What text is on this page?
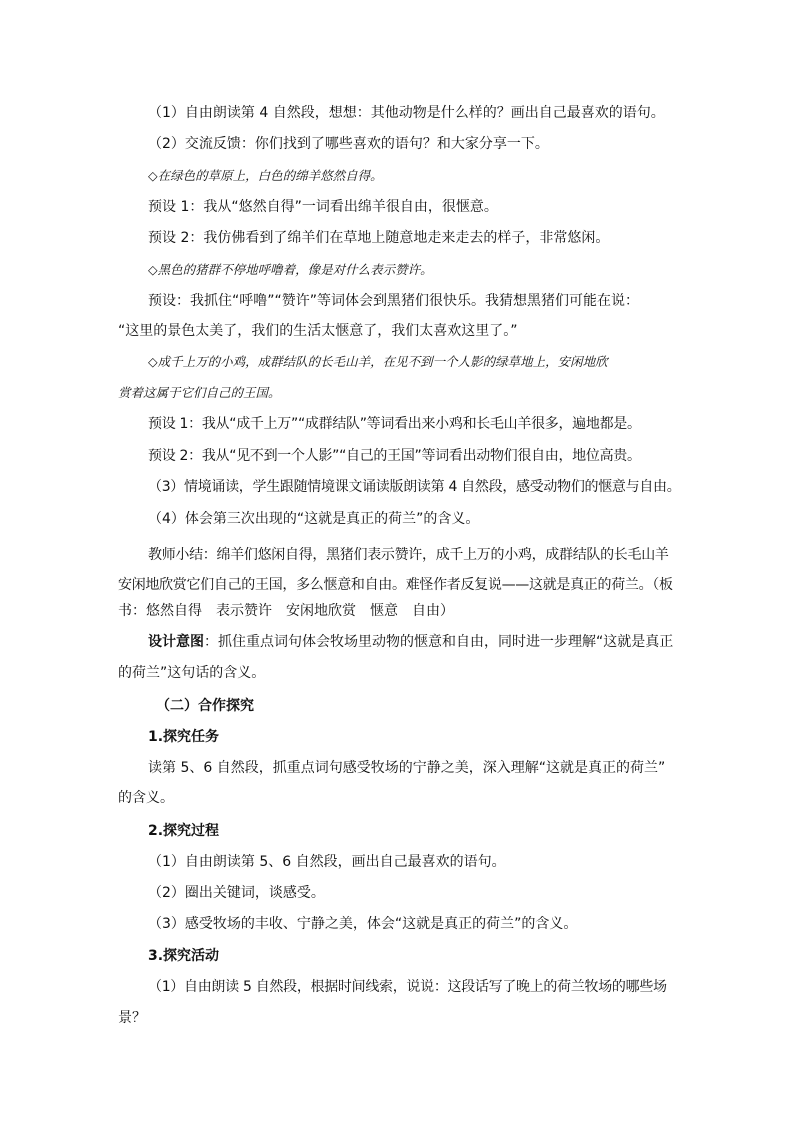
（1）自由朗读第 4 自然段，想想：其他动物是什么样的？画出自己最喜欢的语句。
（2）交流反馈：你们找到了哪些喜欢的语句？和大家分享一下。
◇在绿色的草原上，白色的绵羊悠然自得。
预设 1：我从“悠然自得”一词看出绵羊很自由，很惬意。
预设 2：我仿佛看到了绵羊们在草地上随意地走来走去的样子，非常悠闲。
◇黑色的猪群不停地呼噜着，像是对什么表示赞许。
预设：我抓住“呼噜”“赞许”等词体会到黑猪们很快乐。我猜想黑猪们可能在说：
“这里的景色太美了，我们的生活太惬意了，我们太喜欢这里了。”
◇成千上万的小鸡，成群结队的长毛山羊，在见不到一个人影的绿草地上，安闲地欣
赏着这属于它们自己的王国。
预设 1：我从“成千上万”“成群结队”等词看出来小鸡和长毛山羊很多，遍地都是。
预设 2：我从“见不到一个人影”“自己的王国”等词看出动物们很自由，地位高贵。
（3）情境诵读，学生跟随情境课文诵读版朗读第 4 自然段，感受动物们的惬意与自由。
（4）体会第三次出现的“这就是真正的荷兰”的含义。
教师小结：绵羊们悠闲自得，黑猪们表示赞许，成千上万的小鸡，成群结队的长毛山羊
安闲地欣赏它们自己的王国，多么惬意和自由。难怪作者反复说——这就是真正的荷兰。（板
书：悠然自得　表示赞许　安闲地欣赏　惬意　自由）
设计意图：抓住重点词句体会牧场里动物的惬意和自由，同时进一步理解“这就是真正
的荷兰”这句话的含义。
（二）合作探究
1.探究任务
读第 5、6 自然段，抓重点词句感受牧场的宁静之美，深入理解“这就是真正的荷兰”
的含义。
2.探究过程
（1）自由朗读第 5、6 自然段，画出自己最喜欢的语句。
（2）圈出关键词，谈感受。
（3）感受牧场的丰收、宁静之美，体会“这就是真正的荷兰”的含义。
3.探究活动
（1）自由朗读 5 自然段，根据时间线索，说说：这段话写了晚上的荷兰牧场的哪些场
景？
